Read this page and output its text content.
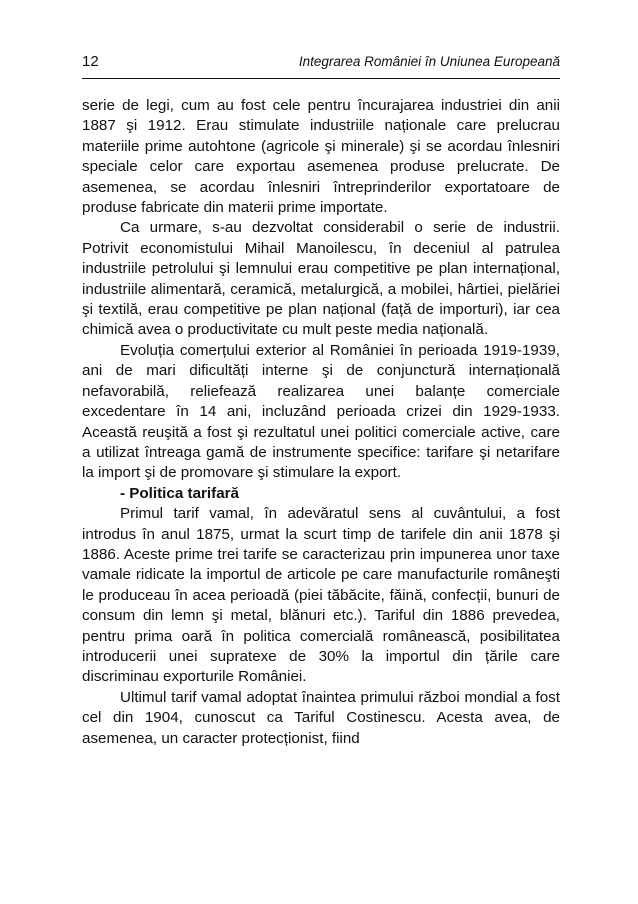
12	Integrarea României în Uniunea Europeană

serie de legi, cum au fost cele pentru încurajarea industriei din anii 1887 şi 1912. Erau stimulate industriile naționale care prelucrau materiile prime autohtone (agricole şi minerale) şi se acordau înlesniri speciale celor care exportau asemenea produse prelucrate. De asemenea, se acordau înlesniri întreprinderilor exportatoare de produse fabricate din materii prime importate.

Ca urmare, s-au dezvoltat considerabil o serie de industrii. Potrivit economistului Mihail Manoilescu, în deceniul al patrulea industriile petrolului şi lemnului erau competitive pe plan internațional, industriile alimentară, ceramică, metalurgică, a mobilei, hârtiei, pielăriei şi textilă, erau competitive pe plan național (față de importuri), iar cea chimică avea o productivitate cu mult peste media națională.

Evoluția comerțului exterior al României în perioada 1919-1939, ani de mari dificultăți interne şi de conjunctură internațională nefavorabilă, reliefează realizarea unei balanțe comerciale excedentare în 14 ani, incluzând perioada crizei din 1929-1933. Această reuşită a fost şi rezultatul unei politici comerciale active, care a utilizat întreaga gamă de instrumente specifice: tarifare şi netarifare la import şi de promovare şi stimulare la export.

- Politica tarifară

Primul tarif vamal, în adevăratul sens al cuvântului, a fost introdus în anul 1875, urmat la scurt timp de tarifele din anii 1878 şi 1886. Aceste prime trei tarife se caracterizau prin impunerea unor taxe vamale ridicate la importul de articole pe care manufacturile româneşti le produceau în acea perioadă (piei tăbăcite, făină, confecții, bunuri de consum din lemn şi metal, blănuri etc.). Tariful din 1886 prevedea, pentru prima oară în politica comercială românească, posibilitatea introducerii unei supratexe de 30% la importul din țările care discriminau exporturile României.

Ultimul tarif vamal adoptat înaintea primului război mondial a fost cel din 1904, cunoscut ca Tariful Costinescu. Acesta avea, de asemenea, un caracter protecționist, fiind
